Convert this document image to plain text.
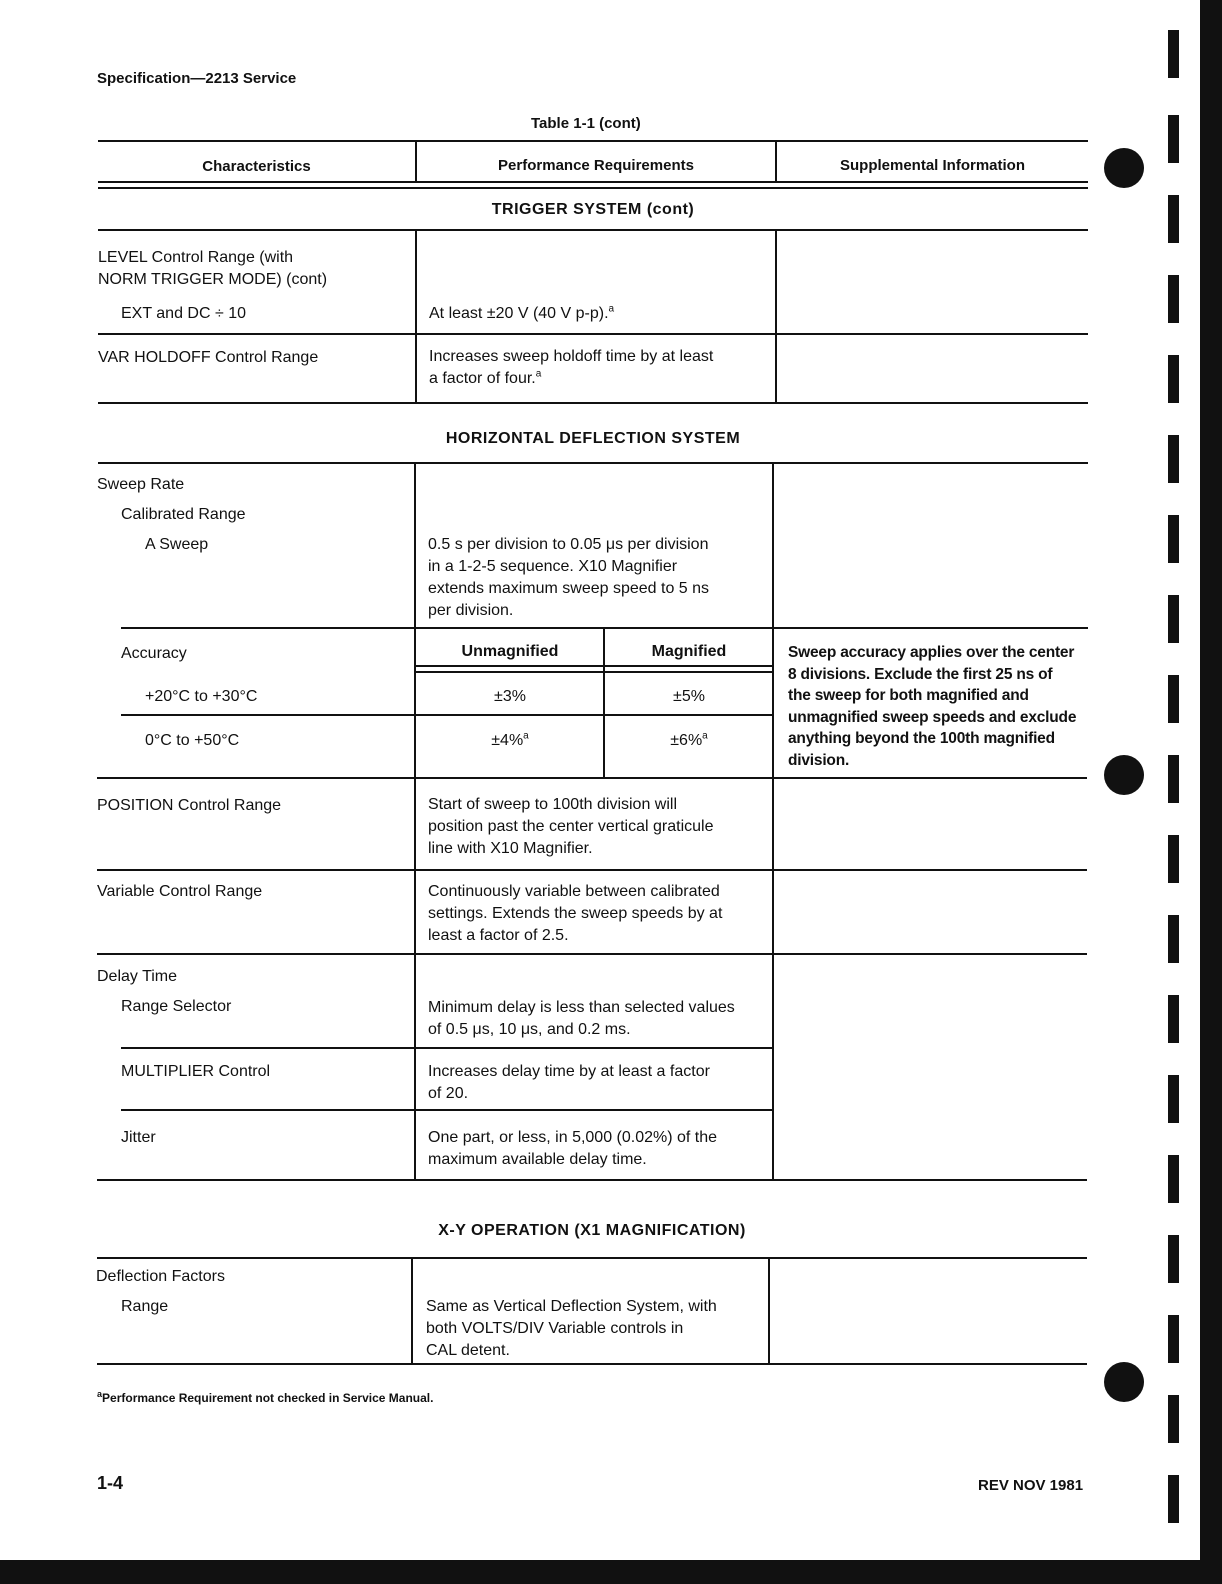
Specification—2213 Service
Table 1-1 (cont)
Characteristics	Performance Requirements	Supplemental Information
TRIGGER SYSTEM (cont)
LEVEL Control Range (with
NORM TRIGGER MODE) (cont)
EXT and DC ÷ 10	At least ±20 V (40 V p-p).$^a$
VAR HOLDOFF Control Range	Increases sweep holdoff time by at least
a factor of four.$^a$
HORIZONTAL DEFLECTION SYSTEM
Sweep Rate
Calibrated Range
A Sweep	0.5 s per division to 0.05 μs per division
in a 1-2-5 sequence. X10 Magnifier
extends maximum sweep speed to 5 ns
per division.
Accuracy	Unmagnified	Magnified
+20°C to +30°C	±3%	±5%
0°C to +50°C	±4%$^a$	±6%$^a$
Sweep accuracy applies over the center
8 divisions. Exclude the first 25 ns of
the sweep for both magnified and
unmagnified sweep speeds and exclude
anything beyond the 100th magnified
division.
POSITION Control Range	Start of sweep to 100th division will
position past the center vertical graticule
line with X10 Magnifier.
Variable Control Range	Continuously variable between calibrated
settings. Extends the sweep speeds by at
least a factor of 2.5.
Delay Time
Range Selector	Minimum delay is less than selected values
of 0.5 μs, 10 μs, and 0.2 ms.
MULTIPLIER Control	Increases delay time by at least a factor
of 20.
Jitter	One part, or less, in 5,000 (0.02%) of the
maximum available delay time.
X-Y OPERATION (X1 MAGNIFICATION)
Deflection Factors
Range	Same as Vertical Deflection System, with
both VOLTS/DIV Variable controls in
CAL detent.
$^a$Performance Requirement not checked in Service Manual.
1-4	REV NOV 1981
